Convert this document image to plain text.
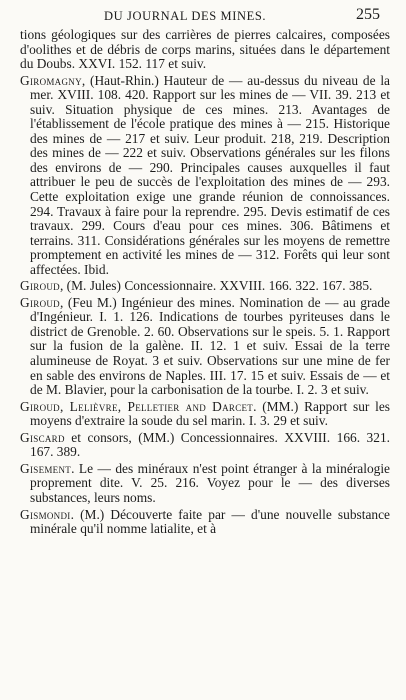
DU JOURNAL DES MINES.	255

tions géologiques sur des carrières de pierres calcaires, composées d'oolithes et de débris de corps marins, situées dans le département du Doubs. XXVI. 152. 117 et suiv.

Giromagny, (Haut-Rhin.) Hauteur de — au-dessus du niveau de la mer. XVIII. 108. 420. Rapport sur les mines de — VII. 39. 213 et suiv. Situation physique de ces mines. 213. Avantages de l'établissement de l'école pratique des mines à — 215. Historique des mines de — 217 et suiv. Leur produit. 218, 219. Description des mines de — 222 et suiv. Observations générales sur les filons des environs de — 290. Principales causes auxquelles il faut attribuer le peu de succès de l'exploitation des mines de — 293. Cette exploitation exige une grande réunion de connoissances. 294. Travaux à faire pour la reprendre. 295. Devis estimatif de ces travaux. 299. Cours d'eau pour ces mines. 306. Bâtimens et terrains. 311. Considérations générales sur les moyens de remettre promptement en activité les mines de — 312. Forêts qui leur sont affectées. Ibid.

Giroud, (M. Jules) Concessionnaire. XXVIII. 166. 322. 167. 385.

Giroud, (Feu M.) Ingénieur des mines. Nomination de — au grade d'Ingénieur. I. 1. 126. Indications de tourbes pyriteuses dans le district de Grenoble. 2. 60. Observations sur le speis. 5. 1. Rapport sur la fusion de la galène. II. 12. 1 et suiv. Essai de la terre alumineuse de Royat. 3 et suiv. Observations sur une mine de fer en sable des environs de Naples. III. 17. 15 et suiv. Essais de — et de M. Blavier, pour la carbonisation de la tourbe. I. 2. 3 et suiv.

Giroud, Lelièvre, Pelletier and Darcet. (MM.) Rapport sur les moyens d'extraire la soude du sel marin. I. 3. 29 et suiv.

Giscard et consors, (MM.) Concessionnaires. XXVIII. 166. 321. 167. 389.

Gisement. Le — des minéraux n'est point étranger à la minéralogie proprement dite. V. 25. 216. Voyez pour le — des diverses substances, leurs noms.

Gismondi. (M.) Découverte faite par — d'une nouvelle substance minérale qu'il nomme latialite, et à
